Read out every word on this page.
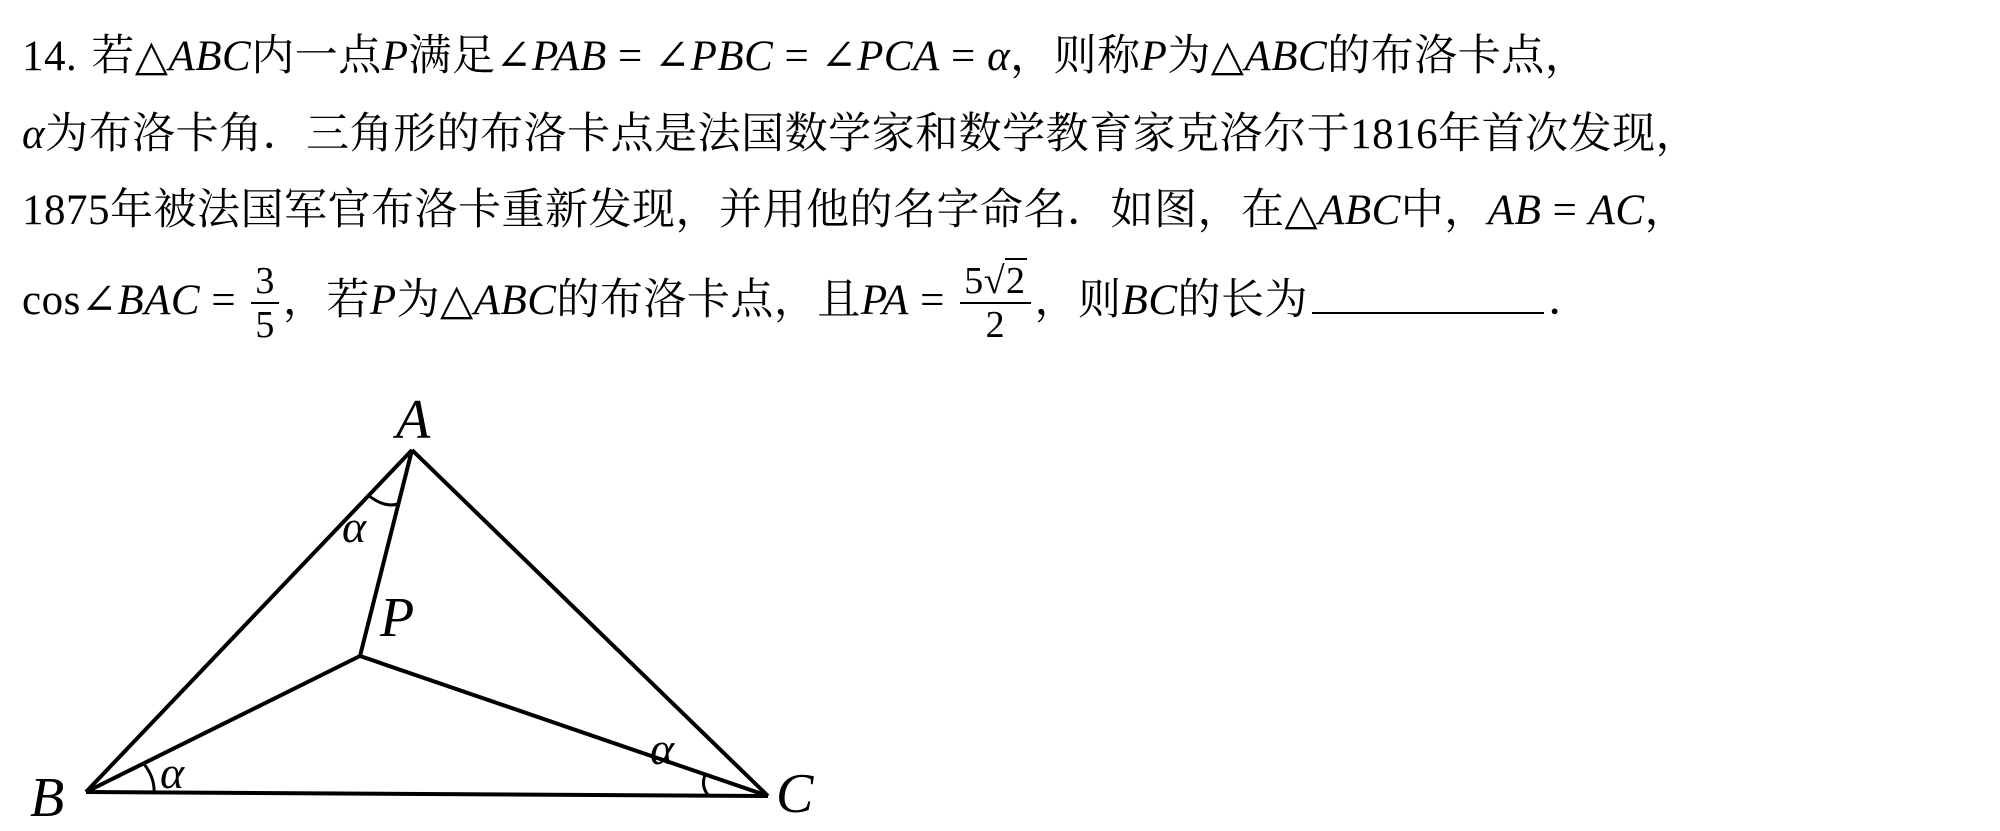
14. 若△ABC内一点P满足∠PAB = ∠PBC = ∠PCA = α，则称P为△ABC的布洛卡点，
α为布洛卡角．三角形的布洛卡点是法国数学家和数学教育家克洛尔于1816年首次发现，
1875年被法国军官布洛卡重新发现，并用他的名字命名．如图，在△ABC中，AB = AC，
cos∠BAC = $\frac{3}{5}$ ，若P为△ABC的布洛卡点，且PA = $\frac{5√2}{2}$ ，则BC的长为	．
A
B	C
P
α
α	α
